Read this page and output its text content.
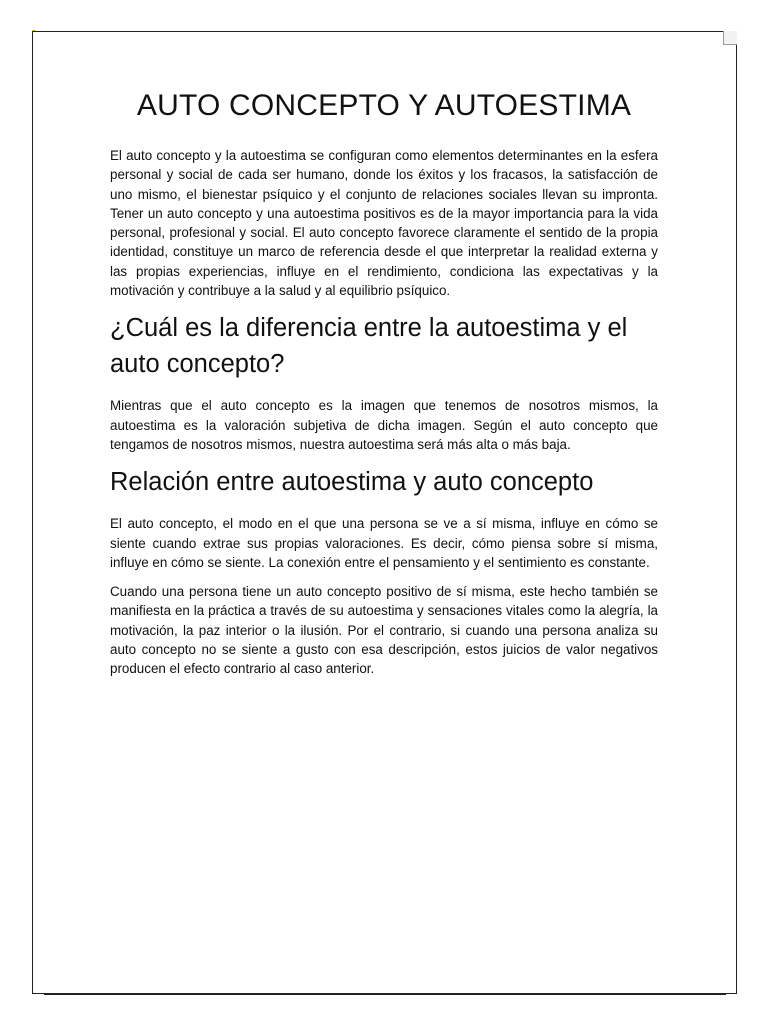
AUTO CONCEPTO Y AUTOESTIMA

El auto concepto y la autoestima se configuran como elementos determinantes en la esfera personal y social de cada ser humano, donde los éxitos y los fracasos, la satisfacción de uno mismo, el bienestar psíquico y el conjunto de relaciones sociales llevan su impronta. Tener un auto concepto y una autoestima positivos es de la mayor importancia para la vida personal, profesional y social. El auto concepto favorece claramente el sentido de la propia identidad, constituye un marco de referencia desde el que interpretar la realidad externa y las propias experiencias, influye en el rendimiento, condiciona las expectativas y la motivación y contribuye a la salud y al equilibrio psíquico.

¿Cuál es la diferencia entre la autoestima y el auto concepto?

Mientras que el auto concepto es la imagen que tenemos de nosotros mismos, la autoestima es la valoración subjetiva de dicha imagen. Según el auto concepto que tengamos de nosotros mismos, nuestra autoestima será más alta o más baja.

Relación entre autoestima y auto concepto

El auto concepto, el modo en el que una persona se ve a sí misma, influye en cómo se siente cuando extrae sus propias valoraciones. Es decir, cómo piensa sobre sí misma, influye en cómo se siente. La conexión entre el pensamiento y el sentimiento es constante.

Cuando una persona tiene un auto concepto positivo de sí misma, este hecho también se manifiesta en la práctica a través de su autoestima y sensaciones vitales como la alegría, la motivación, la paz interior o la ilusión. Por el contrario, si cuando una persona analiza su auto concepto no se siente a gusto con esa descripción, estos juicios de valor negativos producen el efecto contrario al caso anterior.
